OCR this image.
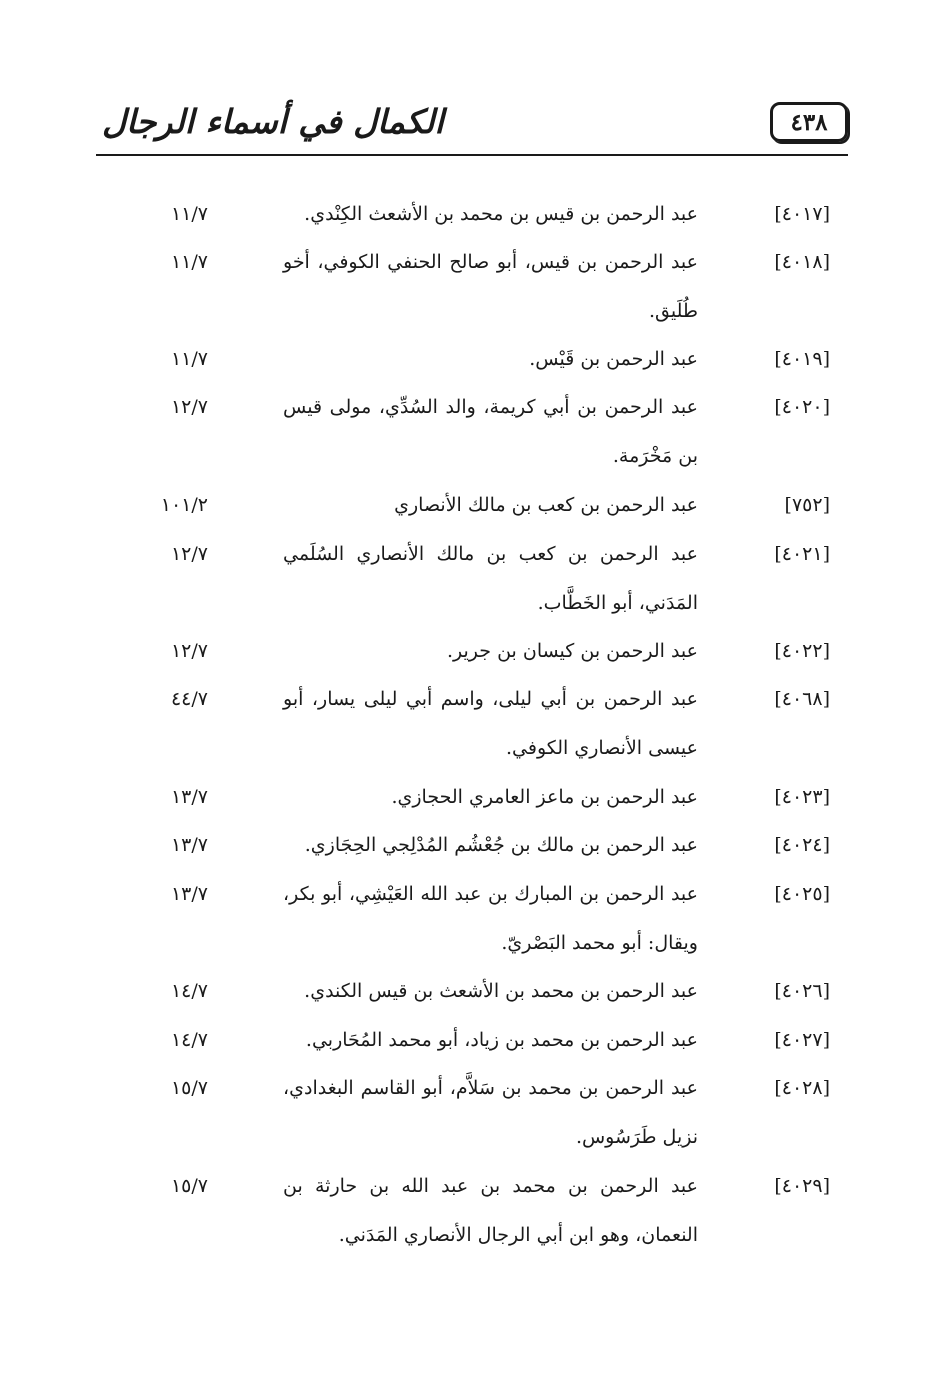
الكمال في أسماء الرجال	٤٣٨
[٤٠١٧]
عبد الرحمن بن قيس بن محمد بن الأشعث الكِنْدي.
١١/٧
[٤٠١٨]
عبد الرحمن بن قيس، أبو صالح الحنفي الكوفي، أخو طُلَيق.
١١/٧
[٤٠١٩]
عبد الرحمن بن قَيْس.
١١/٧
[٤٠٢٠]
عبد الرحمن بن أبي كريمة، والد السُدِّي، مولى قيس بن مَخْرَمة.
١٢/٧
[٧٥٢]
عبد الرحمن بن كعب بن مالك الأنصاري
١٠١/٢
[٤٠٢١]
عبد الرحمن بن كعب بن مالك الأنصاري السُلَمي المَدَني، أبو الخَطَّاب.
١٢/٧
[٤٠٢٢]
عبد الرحمن بن كيسان بن جرير.
١٢/٧
[٤٠٦٨]
عبد الرحمن بن أبي ليلى، واسم أبي ليلى يسار، أبو عيسى الأنصاري الكوفي.
٤٤/٧
[٤٠٢٣]
عبد الرحمن بن ماعز العامري الحجازي.
١٣/٧
[٤٠٢٤]
عبد الرحمن بن مالك بن جُعْشُم المُدْلِجي الحِجَازي.
١٣/٧
[٤٠٢٥]
عبد الرحمن بن المبارك بن عبد الله العَيْشِي، أبو بكر، ويقال: أبو محمد البَصْريّ.
١٣/٧
[٤٠٢٦]
عبد الرحمن بن محمد بن الأشعث بن قيس الكندي.
١٤/٧
[٤٠٢٧]
عبد الرحمن بن محمد بن زياد، أبو محمد المُحَاربي.
١٤/٧
[٤٠٢٨]
عبد الرحمن بن محمد بن سَلاَّم، أبو القاسم البغدادي، نزيل طَرَسُوس.
١٥/٧
[٤٠٢٩]
عبد الرحمن بن محمد بن عبد الله بن حارثة بن النعمان، وهو ابن أبي الرجال الأنصاري المَدَني.
١٥/٧
